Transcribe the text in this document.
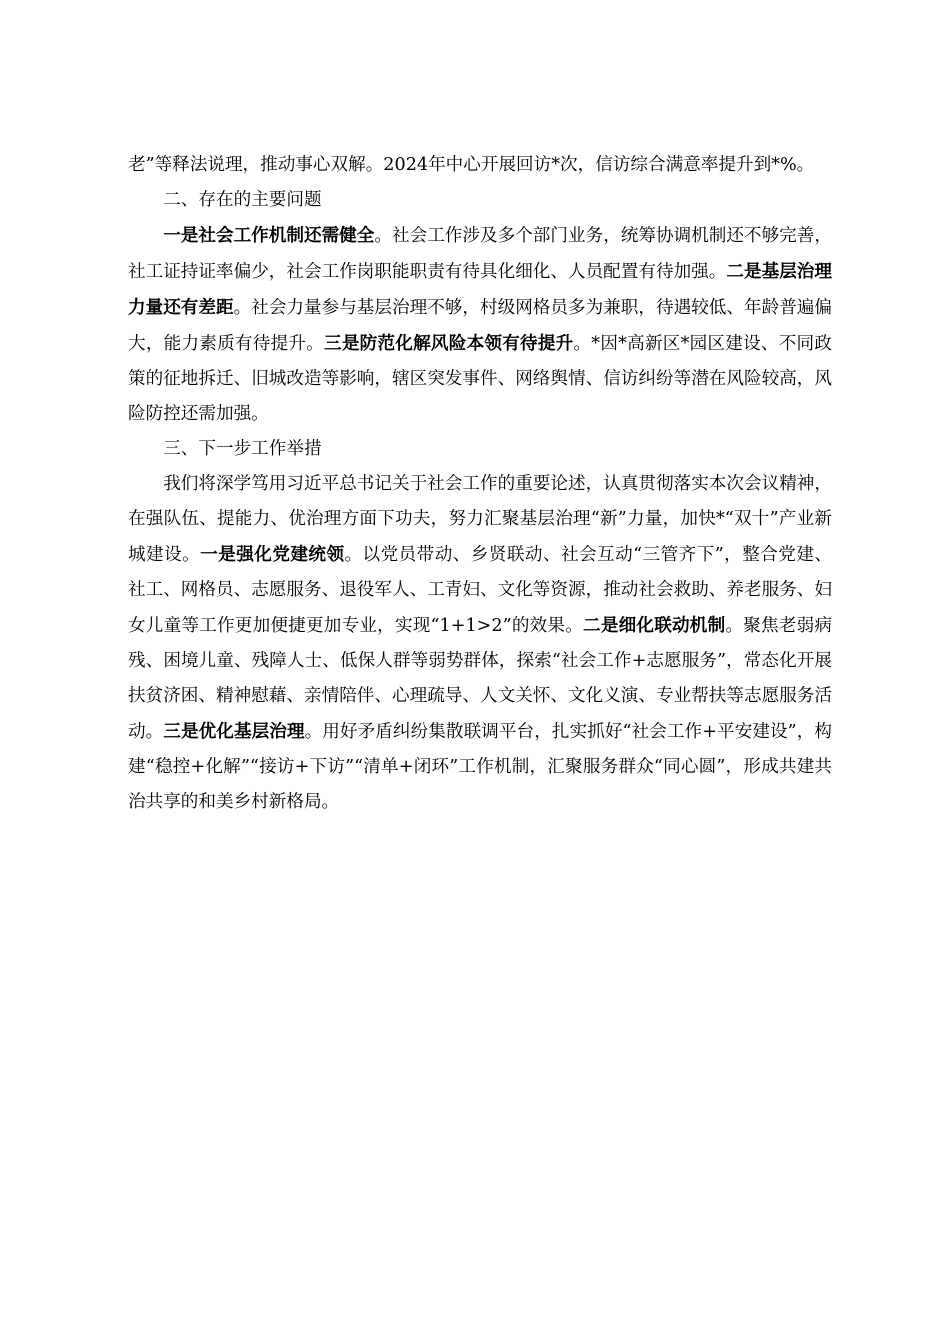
老”等释法说理，推动事心双解。2024年中心开展回访*次，信访综合满意率提升到*%。

二、存在的主要问题

一是社会工作机制还需健全。社会工作涉及多个部门业务，统筹协调机制还不够完善，社工证持证率偏少，社会工作岗职能职责有待具化细化、人员配置有待加强。二是基层治理力量还有差距。社会力量参与基层治理不够，村级网格员多为兼职，待遇较低、年龄普遍偏大，能力素质有待提升。三是防范化解风险本领有待提升。*因*高新区*园区建设、不同政策的征地拆迁、旧城改造等影响，辖区突发事件、网络舆情、信访纠纷等潜在风险较高，风险防控还需加强。

三、下一步工作举措

我们将深学笃用习近平总书记关于社会工作的重要论述，认真贯彻落实本次会议精神，在强队伍、提能力、优治理方面下功夫，努力汇聚基层治理“新”力量，加快*“双十”产业新城建设。一是强化党建统领。以党员带动、乡贤联动、社会互动“三管齐下”，整合党建、社工、网格员、志愿服务、退役军人、工青妇、文化等资源，推动社会救助、养老服务、妇女儿童等工作更加便捷更加专业，实现“1+1>2”的效果。二是细化联动机制。聚焦老弱病残、困境儿童、残障人士、低保人群等弱势群体，探索“社会工作+志愿服务”，常态化开展扶贫济困、精神慰藉、亲情陪伴、心理疏导、人文关怀、文化义演、专业帮扶等志愿服务活动。三是优化基层治理。用好矛盾纠纷集散联调平台，扎实抓好“社会工作+平安建设”，构建“稳控+化解”“接访+下访”“清单+闭环”工作机制，汇聚服务群众“同心圆”，形成共建共治共享的和美乡村新格局。
